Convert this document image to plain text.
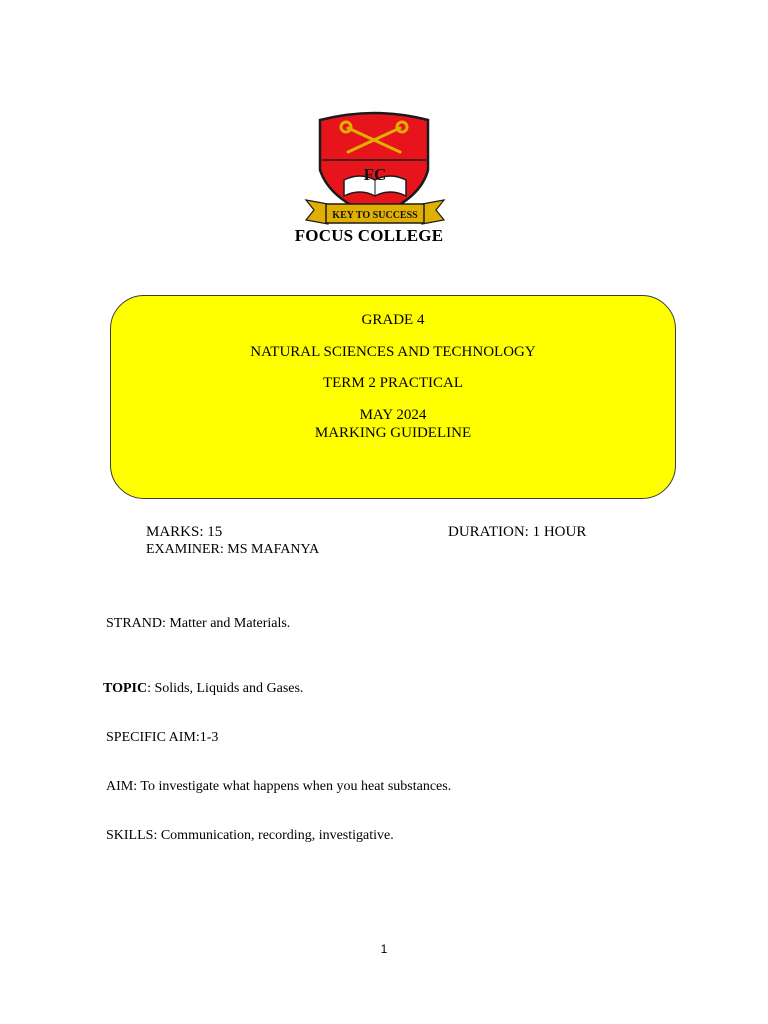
FC
KEY TO SUCCESS
FOCUS COLLEGE
GRADE 4
NATURAL SCIENCES AND TECHNOLOGY
TERM 2 PRACTICAL
MAY 2024
MARKING GUIDELINE
MARKS: 15	DURATION: 1 HOUR
EXAMINER: MS MAFANYA
STRAND: Matter and Materials.
TOPIC: Solids, Liquids and Gases.
SPECIFIC AIM:1-3
AIM: To investigate what happens when you heat substances.
SKILLS: Communication, recording, investigative.
1
